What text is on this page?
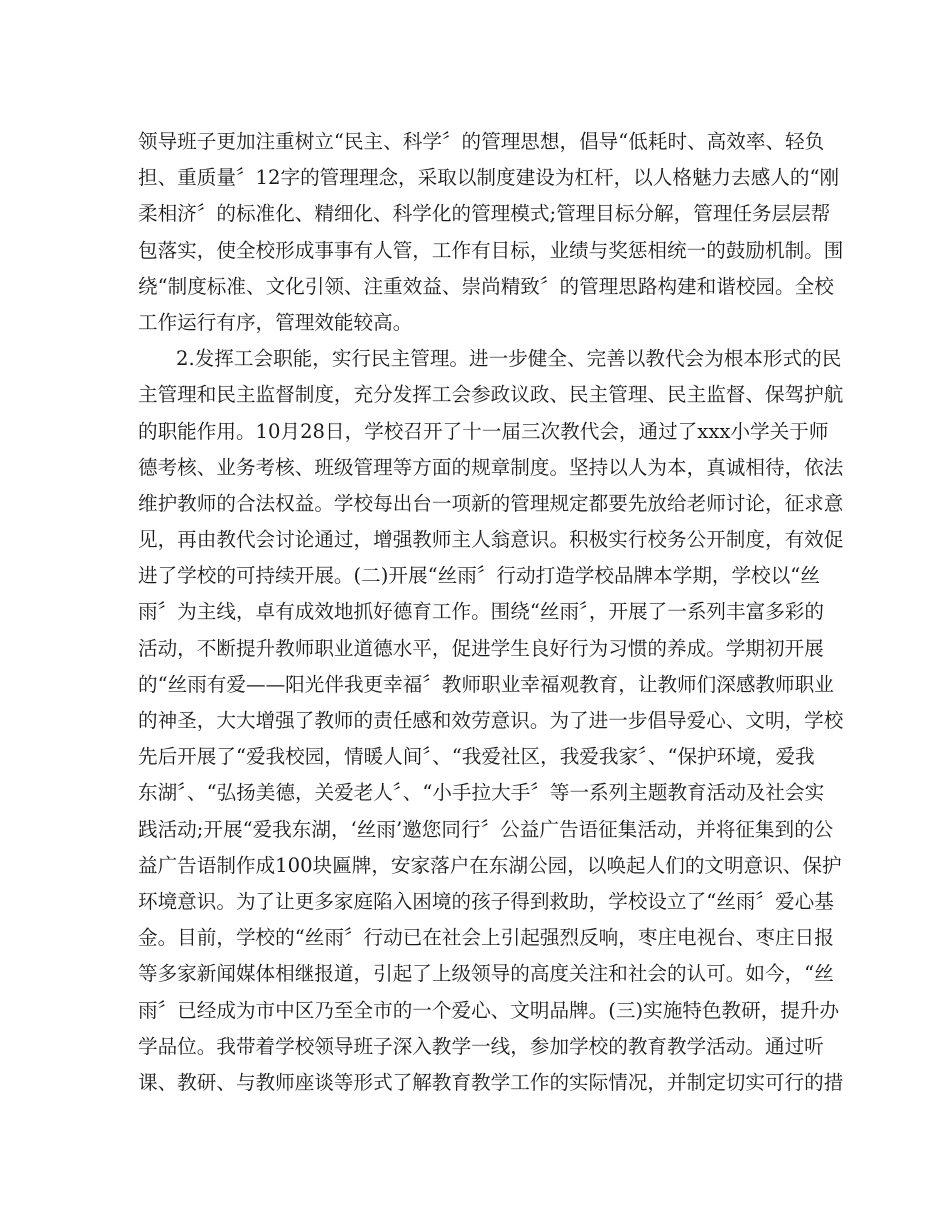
领导班子更加注重树立“民主、科学〞的管理思想，倡导“低耗时、高效率、轻负
担、重质量〞12字的管理理念，采取以制度建设为杠杆，以人格魅力去感人的“刚
柔相济〞的标准化、精细化、科学化的管理模式;管理目标分解，管理任务层层帮
包落实，使全校形成事事有人管，工作有目标，业绩与奖惩相统一的鼓励机制。围
绕“制度标准、文化引领、注重效益、崇尚精致〞的管理思路构建和谐校园。全校
工作运行有序，管理效能较高。
2.发挥工会职能，实行民主管理。进一步健全、完善以教代会为根本形式的民
主管理和民主监督制度，充分发挥工会参政议政、民主管理、民主监督、保驾护航
的职能作用。10月28日，学校召开了十一届三次教代会，通过了xxx小学关于师
德考核、业务考核、班级管理等方面的规章制度。坚持以人为本，真诚相待，依法
维护教师的合法权益。学校每出台一项新的管理规定都要先放给老师讨论，征求意
见，再由教代会讨论通过，增强教师主人翁意识。积极实行校务公开制度，有效促
进了学校的可持续开展。(二)开展“丝雨〞行动打造学校品牌本学期，学校以“丝
雨〞为主线，卓有成效地抓好德育工作。围绕“丝雨〞，开展了一系列丰富多彩的
活动，不断提升教师职业道德水平，促进学生良好行为习惯的养成。学期初开展
的“丝雨有爱——阳光伴我更幸福〞教师职业幸福观教育，让教师们深感教师职业
的神圣，大大增强了教师的责任感和效劳意识。为了进一步倡导爱心、文明，学校
先后开展了“爱我校园，情暖人间〞、“我爱社区，我爱我家〞、“保护环境，爱我
东湖〞、“弘扬美德，关爱老人〞、“小手拉大手〞等一系列主题教育活动及社会实
践活动;开展“爱我东湖，‘丝雨’邀您同行〞公益广告语征集活动，并将征集到的公
益广告语制作成100块匾牌，安家落户在东湖公园，以唤起人们的文明意识、保护
环境意识。为了让更多家庭陷入困境的孩子得到救助，学校设立了“丝雨〞爱心基
金。目前，学校的“丝雨〞行动已在社会上引起强烈反响，枣庄电视台、枣庄日报
等多家新闻媒体相继报道，引起了上级领导的高度关注和社会的认可。如今，“丝
雨〞已经成为市中区乃至全市的一个爱心、文明品牌。(三)实施特色教研，提升办
学品位。我带着学校领导班子深入教学一线，参加学校的教育教学活动。通过听
课、教研、与教师座谈等形式了解教育教学工作的实际情况，并制定切实可行的措
